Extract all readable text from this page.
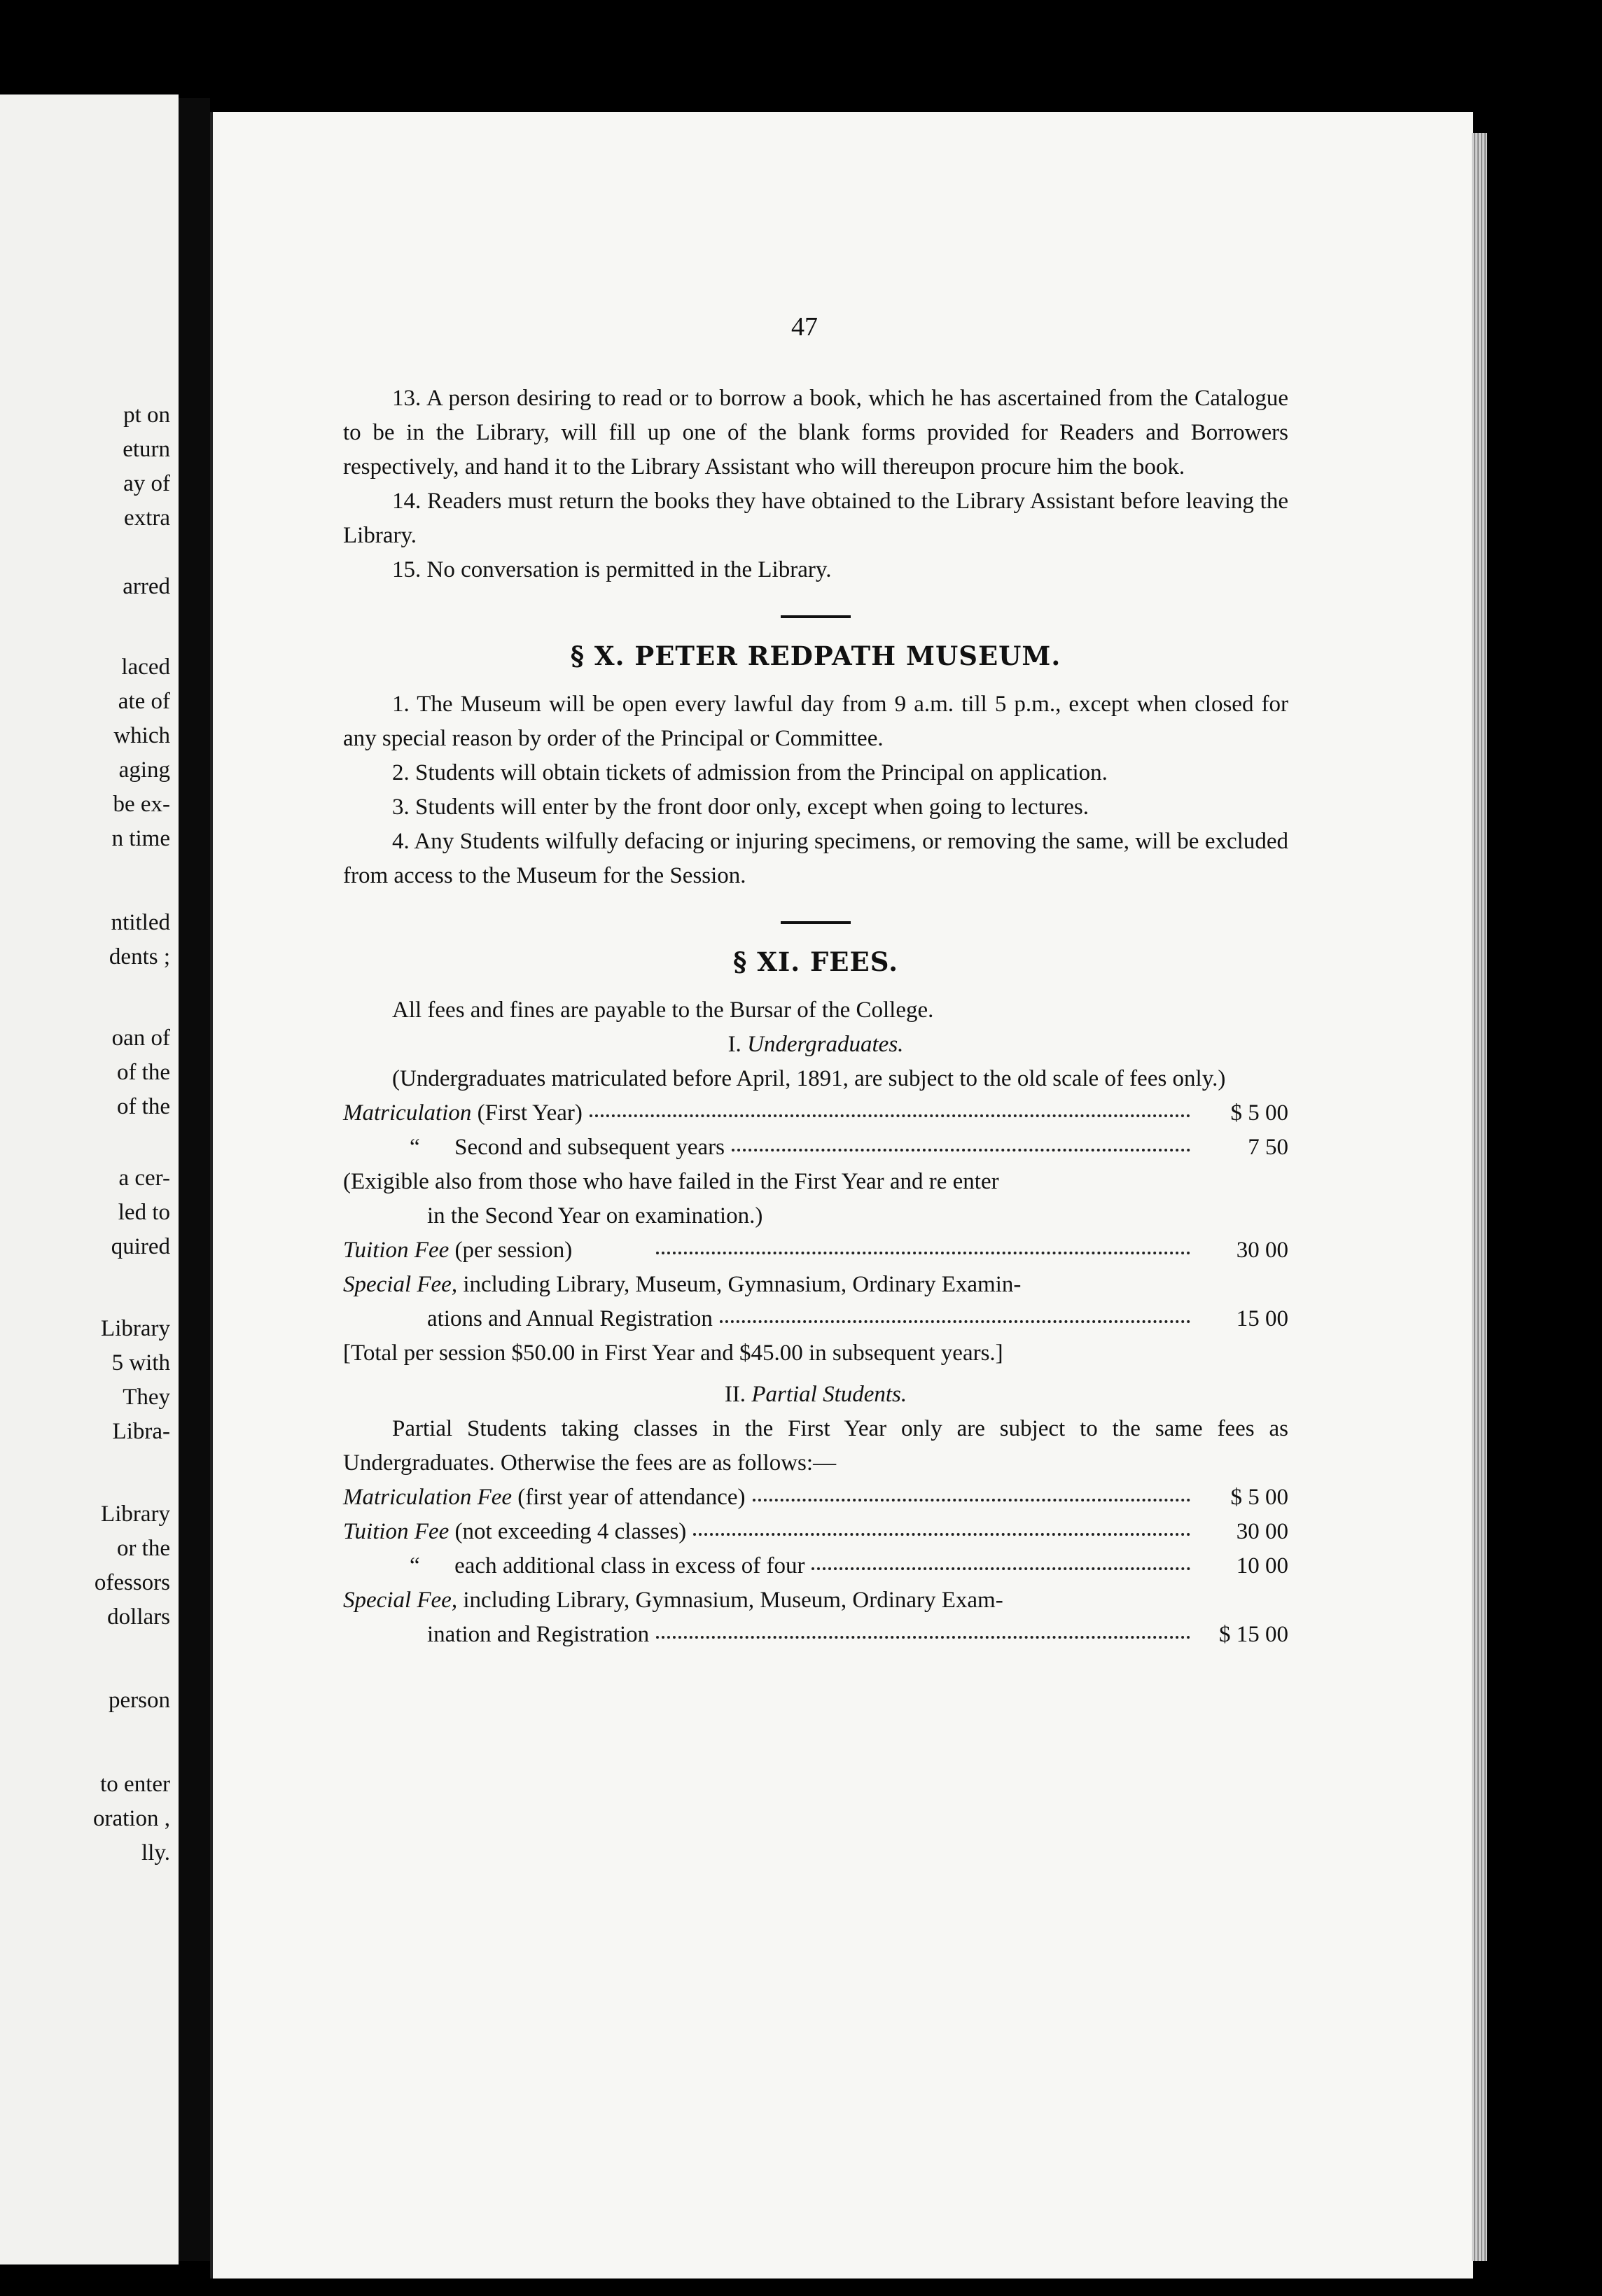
pt on
eturn
ay of
extra
arred
laced
ate of
which
aging
be ex-
n time
ntitled
dents ;
oan of
of the
of the
a cer-
led to
quired
Library
5 with
They
Libra-
Library
or the
ofessors
dollars
person
to enter
oration ,
lly.
47

13. A person desiring to read or to borrow a book, which he has ascertained from the Catalogue to be in the Library, will fill up one of the blank forms provided for Readers and Borrowers respectively, and hand it to the Library Assistant who will thereupon procure him the book.

14. Readers must return the books they have obtained to the Library Assistant before leaving the Library.

15. No conversation is permitted in the Library.

§ X. PETER REDPATH MUSEUM.

1. The Museum will be open every lawful day from 9 a.m. till 5 p.m., except when closed for any special reason by order of the Principal or Committee.

2. Students will obtain tickets of admission from the Principal on application.

3. Students will enter by the front door only, except when going to lectures.

4. Any Students wilfully defacing or injuring specimens, or removing the same, will be excluded from access to the Museum for the Session.

§ XI. FEES.

All fees and fines are payable to the Bursar of the College.

I. Undergraduates.

(Undergraduates matriculated before April, 1891, are subject to the old scale of fees only.)

Matriculation (First Year)	$ 5 00
“      Second and subsequent years	7 50

(Exigible also from those who have failed in the First Year and re enter

in the Second Year on examination.)

Tuition Fee (per session)	30 00

Special Fee, including Library, Museum, Gymnasium, Ordinary Examin-

ations and Annual Registration	15 00

[Total per session $50.00 in First Year and $45.00 in subsequent years.]

II. Partial Students.

Partial Students taking classes in the First Year only are subject to the same fees as Undergraduates. Otherwise the fees are as follows:—

Matriculation Fee (first year of attendance)	$ 5 00
Tuition Fee (not exceeding 4 classes)	30 00
“      each additional class in excess of four	10 00

Special Fee, including Library, Gymnasium, Museum, Ordinary Exam-

ination and Registration	$ 15 00
